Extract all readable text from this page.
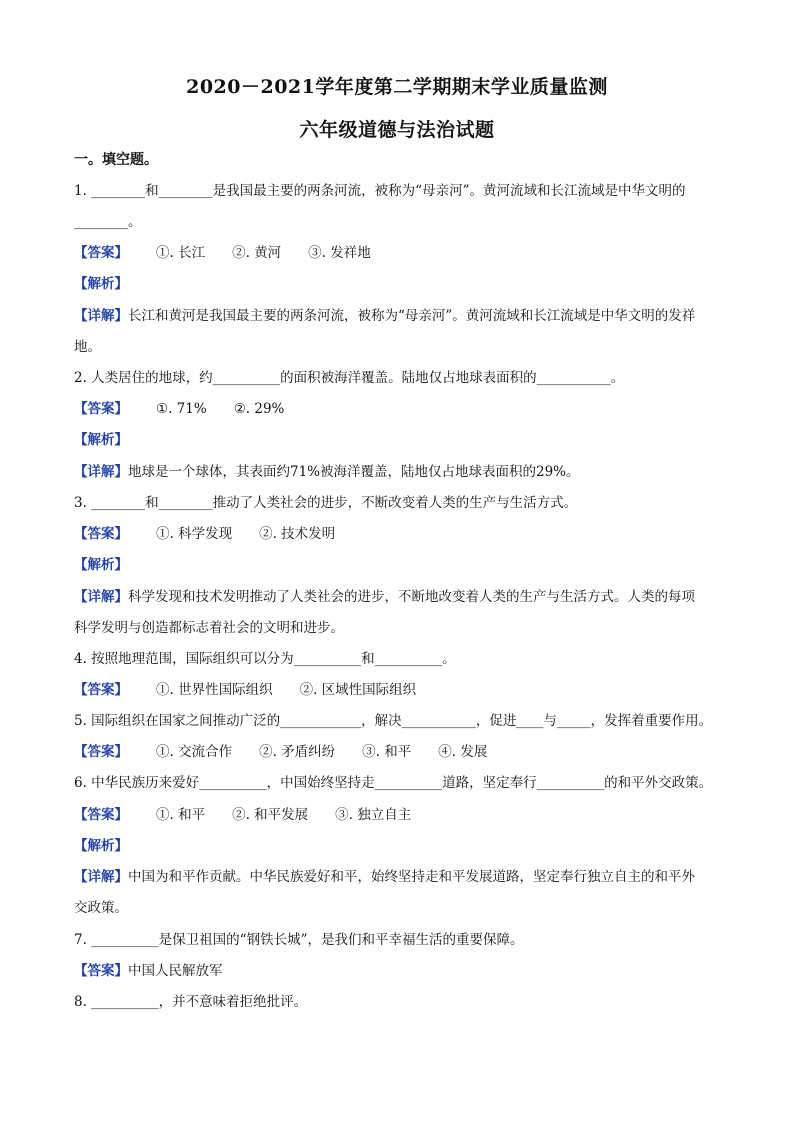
2020－2021学年度第二学期期末学业质量监测
六年级道德与法治试题
一。填空题。
1. ________和________是我国最主要的两条河流，被称为“母亲河”。黄河流域和长江流域是中华文明的
________。
【答案】 ①. 长江　　②. 黄河　　③. 发祥地
【解析】
【详解】长江和黄河是我国最主要的两条河流，被称为“母亲河”。黄河流域和长江流域是中华文明的发祥
地。
2. 人类居住的地球，约__________的面积被海洋覆盖。陆地仅占地球表面积的___________。
【答案】 ①. 71%　　②. 29%
【解析】
【详解】地球是一个球体，其表面约71%被海洋覆盖，陆地仅占地球表面积的29%。
3. ________和________推动了人类社会的进步，不断改变着人类的生产与生活方式。
【答案】 ①. 科学发现　　②. 技术发明
【解析】
【详解】科学发现和技术发明推动了人类社会的进步，不断地改变着人类的生产与生活方式。人类的每项
科学发明与创造都标志着社会的文明和进步。
4. 按照地理范围，国际组织可以分为__________和__________。
【答案】 ①. 世界性国际组织　　②. 区域性国际组织
5. 国际组织在国家之间推动广泛的____________，解决___________，促进____与_____，发挥着重要作用。
【答案】 ①. 交流合作　　②. 矛盾纠纷　　③. 和平　　④. 发展
6. 中华民族历来爱好__________，中国始终坚持走__________道路，坚定奉行__________的和平外交政策。
【答案】 ①. 和平　　②. 和平发展　　③. 独立自主
【解析】
【详解】中国为和平作贡献。中华民族爱好和平，始终坚持走和平发展道路，坚定奉行独立自主的和平外
交政策。
7. __________是保卫祖国的“钢铁长城”，是我们和平幸福生活的重要保障。
【答案】中国人民解放军
8. __________，并不意味着拒绝批评。
